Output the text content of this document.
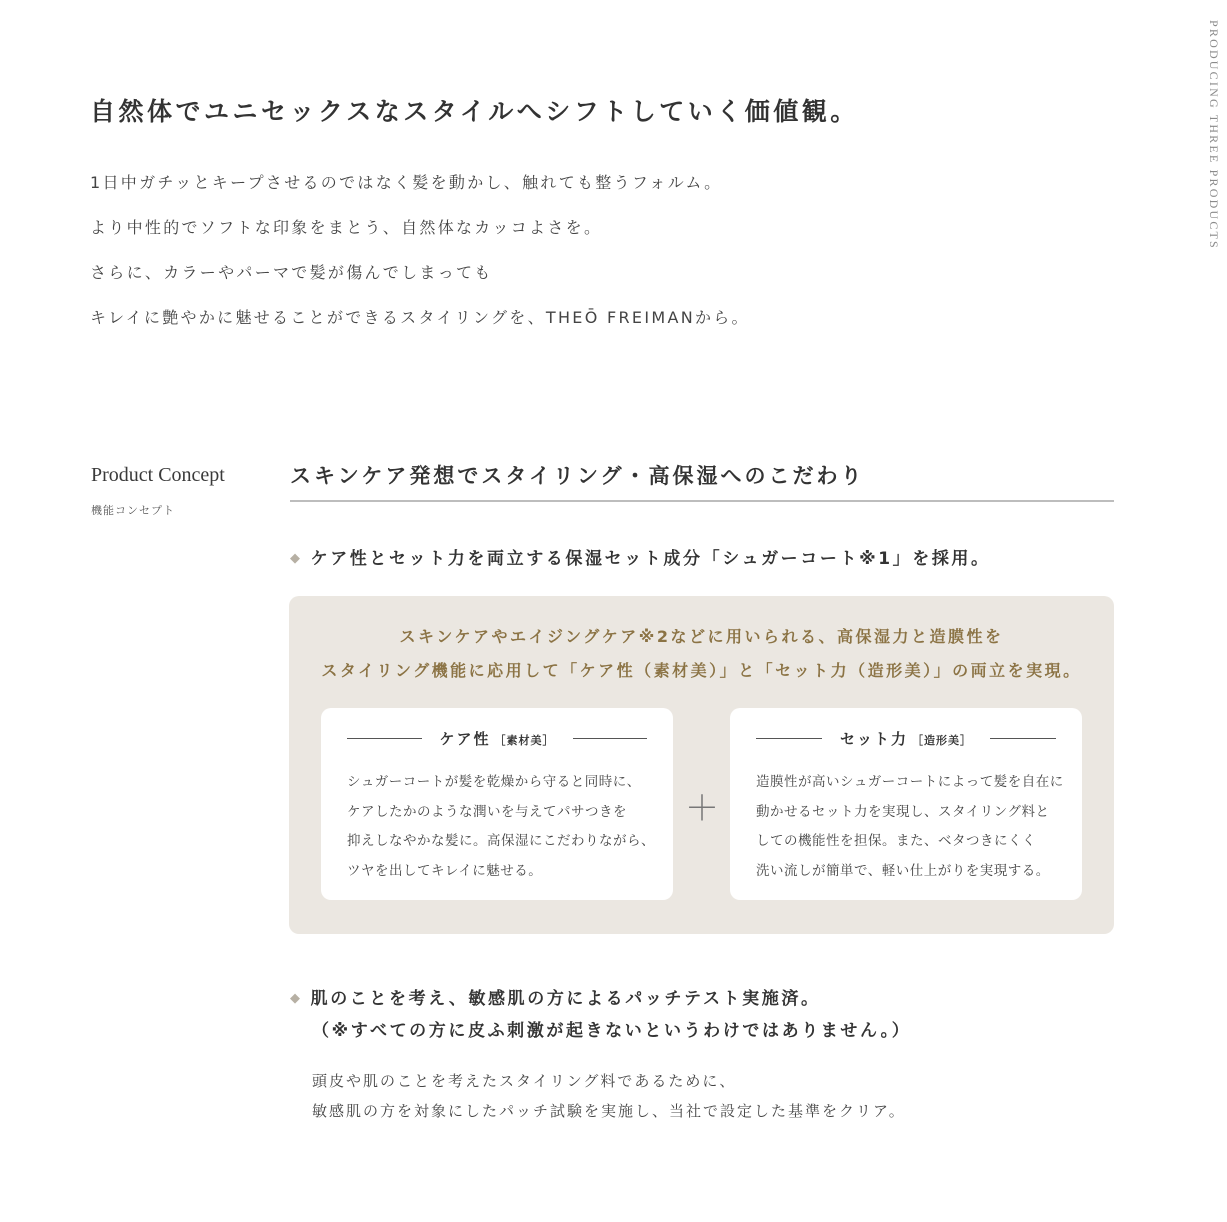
PRODUCING THREE PRODUCTS
自然体でユニセックスなスタイルへシフトしていく価値観。

1日中ガチッとキープさせるのではなく髪を動かし、触れても整うフォルム。

より中性的でソフトな印象をまとう、自然体なカッコよさを。

さらに、カラーやパーマで髪が傷んでしまっても

キレイに艶やかに魅せることができるスタイリングを、THEŌ FREIMANから。

Product Concept
機能コンセプト
スキンケア発想でスタイリング・高保湿へのこだわり
◆ ケア性とセット力を両立する保湿セット成分「シュガーコート※1」を採用。
スキンケアやエイジングケア※2などに用いられる、高保湿力と造膜性を
スタイリング機能に応用して「ケア性（素材美）」と「セット力（造形美）」の両立を実現。
ケア性 ［素材美］

シュガーコートが髪を乾燥から守ると同時に、

ケアしたかのような潤いを与えてパサつきを

抑えしなやかな髪に。高保湿にこだわりながら、

ツヤを出してキレイに魅せる。

＋
セット力 ［造形美］

造膜性が高いシュガーコートによって髪を自在に

動かせるセット力を実現し、スタイリング料と

しての機能性を担保。また、ベタつきにくく

洗い流しが簡単で、軽い仕上がりを実現する。

◆ 肌のことを考え、敏感肌の方によるパッチテスト実施済。
（※すべての方に皮ふ刺激が起きないというわけではありません。）

頭皮や肌のことを考えたスタイリング料であるために、

敏感肌の方を対象にしたパッチ試験を実施し、当社で設定した基準をクリア。
